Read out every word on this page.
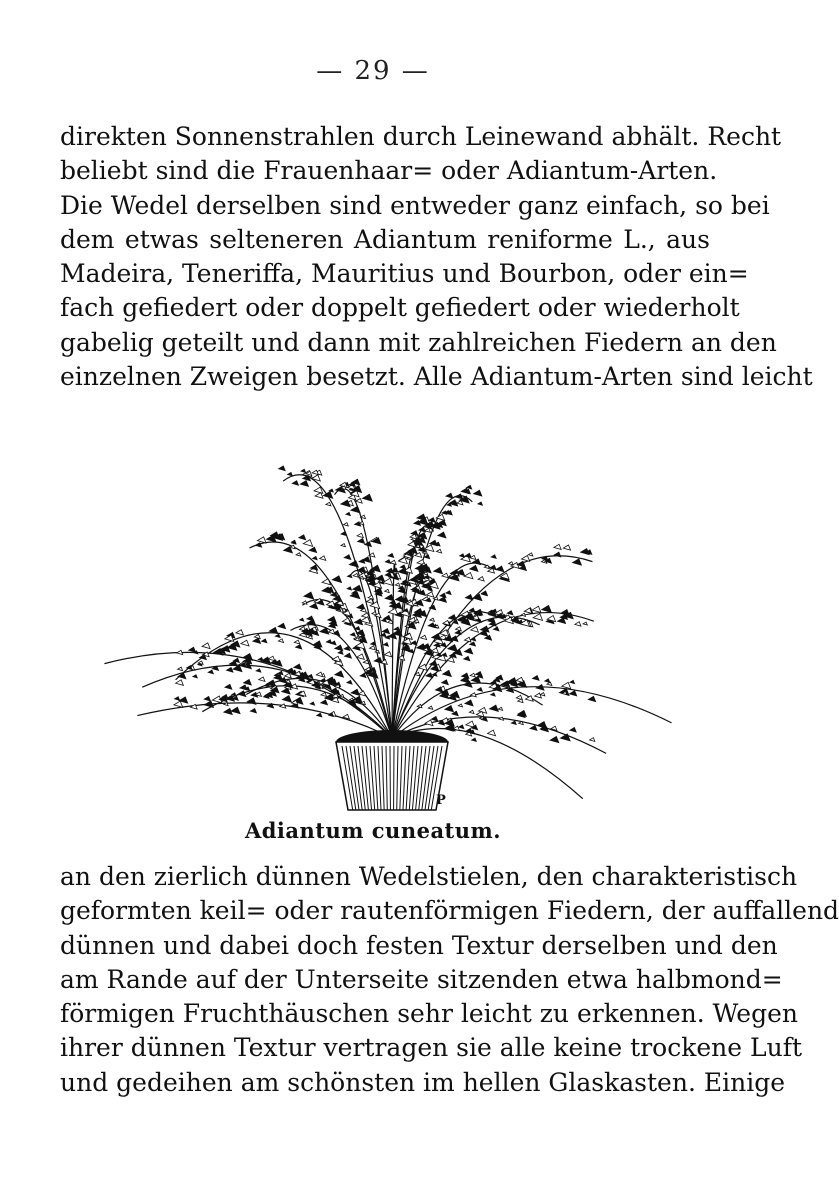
— 29 —
direkten Sonnenstrahlen durch Leinewand abhält. Recht
beliebt sind die Frauenhaar= oder Adiantum-Arten.
Die Wedel derselben sind entweder ganz einfach, so bei
dem etwas selteneren Adiantum reniforme L., aus
Madeira, Teneriffa, Mauritius und Bourbon, oder ein=
fach gefiedert oder doppelt gefiedert oder wiederholt
gabelig geteilt und dann mit zahlreichen Fiedern an den
einzelnen Zweigen besetzt. Alle Adiantum-Arten sind leicht
P
Adiantum cuneatum.
an den zierlich dünnen Wedelstielen, den charakteristisch
geformten keil= oder rautenförmigen Fiedern, der auffallend
dünnen und dabei doch festen Textur derselben und den
am Rande auf der Unterseite sitzenden etwa halbmond=
förmigen Fruchthäuschen sehr leicht zu erkennen. Wegen
ihrer dünnen Textur vertragen sie alle keine trockene Luft
und gedeihen am schönsten im hellen Glaskasten. Einige
